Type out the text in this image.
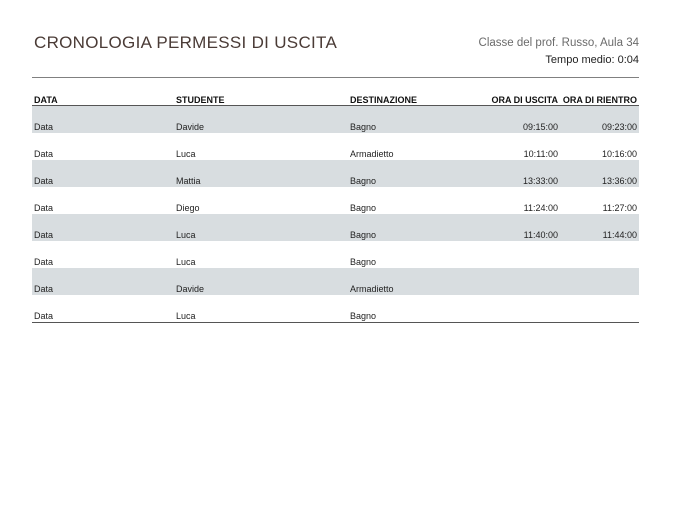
CRONOLOGIA PERMESSI DI USCITA	Classe del prof. Russo, Aula 34
Tempo medio: 0:04
DATA	STUDENTE	DESTINAZIONE	ORA DI USCITA	ORA DI RIENTRO
Data	Davide	Bagno	09:15:00	09:23:00
Data	Luca	Armadietto	10:11:00	10:16:00
Data	Mattia	Bagno	13:33:00	13:36:00
Data	Diego	Bagno	11:24:00	11:27:00
Data	Luca	Bagno	11:40:00	11:44:00
Data	Luca	Bagno		
Data	Davide	Armadietto		
Data	Luca	Bagno		
